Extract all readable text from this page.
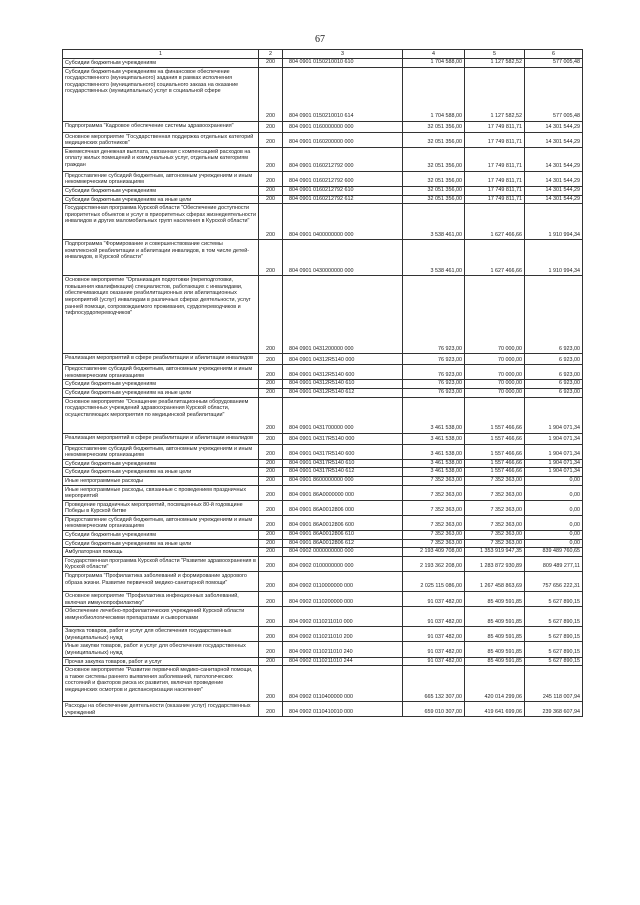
67
1	2	3	4	5	6
Субсидии бюджетным учреждениям	200	804 0901 0150210010 610	1 704 588,00	1 127 582,52	577 005,48
Субсидии бюджетным учреждениям на финансовое обеспечение государственного (муниципального) задания в рамках исполнения государственного (муниципального) социального заказа на оказание государственных (муниципальных) услуг в социальной сфере	200	804 0901 0150210010 614	1 704 588,00	1 127 582,52	577 005,48
Подпрограмма "Кадровое обеспечение системы здравоохранения"	200	804 0901 0160000000 000	32 051 356,00	17 749 811,71	14 301 544,29
Основное мероприятие "Государственная поддержка отдельных категорий медицинских работников"	200	804 0901 0160200000 000	32 051 356,00	17 749 811,71	14 301 544,29
Ежемесячная денежная выплата, связанная с компенсацией расходов на оплату жилых помещений и коммунальных услуг, отдельным категориям граждан	200	804 0901 0160212792 000	32 051 356,00	17 749 811,71	14 301 544,29
Предоставление субсидий бюджетным, автономным учреждениям и иным некоммерческим организациям	200	804 0901 0160212792 600	32 051 356,00	17 749 811,71	14 301 544,29
Субсидии бюджетным учреждениям	200	804 0901 0160212792 610	32 051 356,00	17 749 811,71	14 301 544,29
Субсидии бюджетным учреждениям на иные цели	200	804 0901 0160212792 612	32 051 356,00	17 749 811,71	14 301 544,29
Государственная программа Курской области "Обеспечение доступности приоритетных объектов и услуг в приоритетных сферах жизнедеятельности инвалидов и других маломобильных групп населения в Курской области"	200	804 0901 0400000000 000	3 538 461,00	1 627 466,66	1 910 994,34
Подпрограмма "Формирование и совершенствование системы комплексной реабилитации и абилитации инвалидов, в том числе детей-инвалидов, в Курской области"	200	804 0901 0430000000 000	3 538 461,00	1 627 466,66	1 910 994,34
Основное мероприятие "Организация подготовки (переподготовки, повышения квалификации) специалистов, работающих с инвалидами, обеспечивающих оказание реабилитационных или абилитационных мероприятий (услуг) инвалидам в различных сферах деятельности, услуг ранней помощи, сопровождаемого проживания, сурдопереводчиков и тифлосурдопереводчиков"	200	804 0901 0431200000 000	76 923,00	70 000,00	6 923,00
Реализация мероприятий в сфере реабилитации и абилитации инвалидов	200	804 0901 04312R5140 000	76 923,00	70 000,00	6 923,00
Предоставление субсидий бюджетным, автономным учреждениям и иным некоммерческим организациям	200	804 0901 04312R5140 600	76 923,00	70 000,00	6 923,00
Субсидии бюджетным учреждениям	200	804 0901 04312R5140 610	76 923,00	70 000,00	6 923,00
Субсидии бюджетным учреждениям на иные цели	200	804 0901 04312R5140 612	76 923,00	70 000,00	6 923,00
Основное мероприятие "Оснащение реабилитационным оборудованием государственных учреждений здравоохранения Курской области, осуществляющих мероприятия по медицинской реабилитации"	200	804 0901 0431700000 000	3 461 538,00	1 557 466,66	1 904 071,34
Реализация мероприятий в сфере реабилитации и абилитации инвалидов	200	804 0901 04317R5140 000	3 461 538,00	1 557 466,66	1 904 071,34
Предоставление субсидий бюджетным, автономным учреждениям и иным некоммерческим организациям	200	804 0901 04317R5140 600	3 461 538,00	1 557 466,66	1 904 071,34
Субсидии бюджетным учреждениям	200	804 0901 04317R5140 610	3 461 538,00	1 557 466,66	1 904 071,34
Субсидии бюджетным учреждениям на иные цели	200	804 0901 04317R5140 612	3 461 538,00	1 557 466,66	1 904 071,34
Иные непрограммные расходы	200	804 0901 8600000000 000	7 352 363,00	7 352 363,00	0,00
Иные непрограммные расходы, связанные с проведением праздничных мероприятий	200	804 0901 86A0000000 000	7 352 363,00	7 352 363,00	0,00
Проведение праздничных мероприятий, посвященных 80-й годовщине Победы в Курской битве	200	804 0901 86A0012806 000	7 352 363,00	7 352 363,00	0,00
Предоставление субсидий бюджетным, автономным учреждениям и иным некоммерческим организациям	200	804 0901 86A0012806 600	7 352 363,00	7 352 363,00	0,00
Субсидии бюджетным учреждениям	200	804 0901 86A0012806 610	7 352 363,00	7 352 363,00	0,00
Субсидии бюджетным учреждениям на иные цели	200	804 0901 86A0012806 612	7 352 363,00	7 352 363,00	0,00
Амбулаторная помощь	200	804 0902 0000000000 000	2 193 409 708,00	1 353 919 947,35	839 489 760,65
Государственная программа Курской области "Развитие здравоохранения в Курской области"	200	804 0902 0100000000 000	2 193 362 208,00	1 283 872 930,89	809 489 277,11
Подпрограмма "Профилактика заболеваний и формирование здорового образа жизни. Развитие первичной медико-санитарной помощи"	200	804 0902 0110000000 000	2 025 115 086,00	1 267 458 863,69	757 656 222,31
Основное мероприятие "Профилактика инфекционных заболеваний, включая иммунопрофилактику"	200	804 0902 0110200000 000	91 037 482,00	85 409 591,85	5 627 890,15
Обеспечение лечебно-профилактических учреждений Курской области иммунобиологическими препаратами и сыворотками	200	804 0902 0110211010 000	91 037 482,00	85 409 591,85	5 627 890,15
Закупка товаров, работ и услуг для обеспечения государственных (муниципальных) нужд	200	804 0902 0110211010 200	91 037 482,00	85 409 591,85	5 627 890,15
Иные закупки товаров, работ и услуг для обеспечения государственных (муниципальных) нужд	200	804 0902 0110211010 240	91 037 482,00	85 409 591,85	5 627 890,15
Прочая закупка товаров, работ и услуг	200	804 0902 0110211010 244	91 037 482,00	85 409 591,85	5 627 890,15
Основное мероприятие "Развитие первичной медико-санитарной помощи, а также системы раннего выявления заболеваний, патологических состояний и факторов риска их развития, включая проведение медицинских осмотров и диспансеризации населения"	200	804 0902 0110400000 000	665 132 307,00	420 014 299,06	245 118 007,94
Расходы на обеспечение деятельности (оказание услуг) государственных учреждений	200	804 0902 0110410010 000	659 010 307,00	419 641 699,06	239 368 607,94
